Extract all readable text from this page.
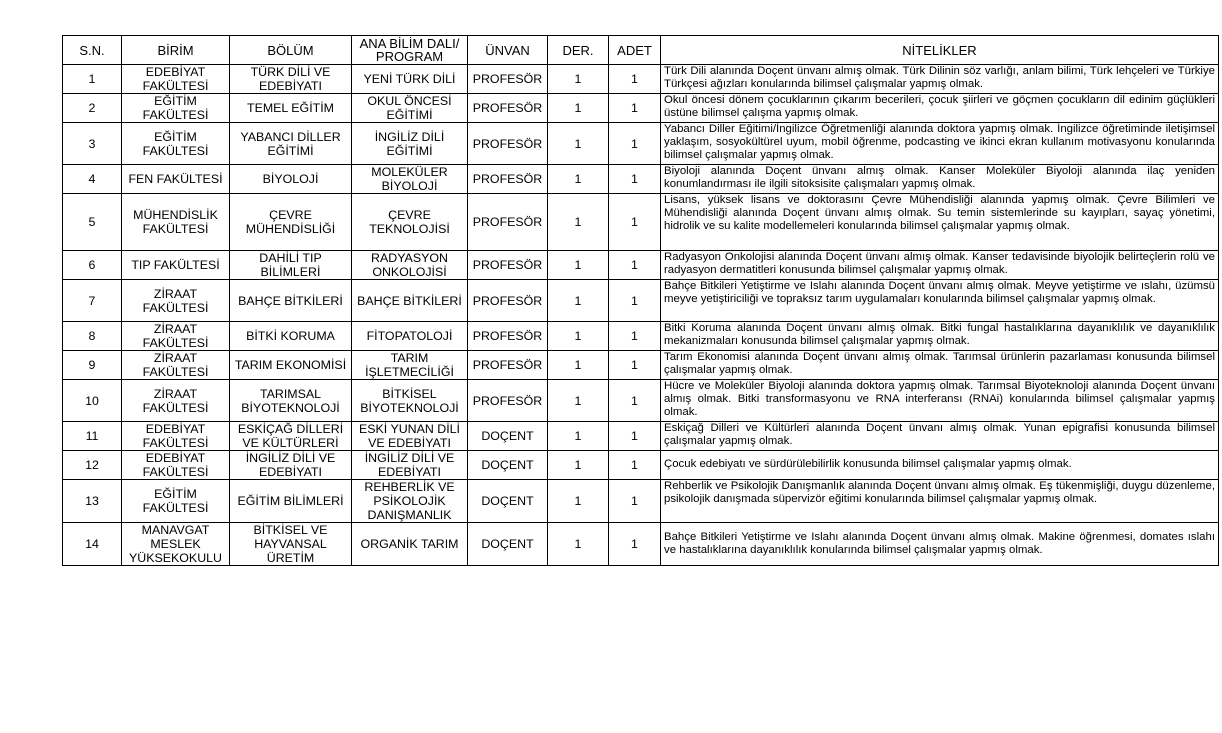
S.N.	BİRİM	BÖLÜM	ANA BİLİM DALI/ PROGRAM	ÜNVAN	DER.	ADET	NİTELİKLER
1	EDEBİYAT FAKÜLTESİ	TÜRK DİLİ VE EDEBİYATI	YENİ TÜRK DİLİ	PROFESÖR	1	1	Türk Dili alanında Doçent ünvanı almış olmak. Türk Dilinin söz varlığı, anlam bilimi, Türk lehçeleri ve Türkiye Türkçesi ağızları konularında bilimsel çalışmalar yapmış olmak.
2	EĞİTİM FAKÜLTESİ	TEMEL EĞİTİM	OKUL ÖNCESİ EĞİTİMİ	PROFESÖR	1	1	Okul öncesi dönem çocuklarının çıkarım becerileri, çocuk şiirleri ve göçmen çocukların dil edinim güçlükleri üstüne bilimsel çalışma yapmış olmak.
3	EĞİTİM FAKÜLTESİ	YABANCI DİLLER EĞİTİMİ	İNGİLİZ DİLİ EĞİTİMİ	PROFESÖR	1	1	Yabancı Diller Eğitimi/İngilizce Öğretmenliği alanında doktora yapmış olmak. İngilizce öğretiminde iletişimsel yaklaşım, sosyokültürel uyum, mobil öğrenme, podcasting ve ikinci ekran kullanım motivasyonu konularında bilimsel çalışmalar yapmış olmak.
4	FEN FAKÜLTESİ	BİYOLOJİ	MOLEKÜLER BİYOLOJİ	PROFESÖR	1	1	Biyoloji alanında Doçent ünvanı almış olmak. Kanser Moleküler Biyoloji alanında ilaç yeniden konumlandırması ile ilgili sitoksisite çalışmaları yapmış olmak.
5	MÜHENDİSLİK FAKÜLTESİ	ÇEVRE MÜHENDİSLİĞİ	ÇEVRE TEKNOLOJİSİ	PROFESÖR	1	1	Lisans, yüksek lisans ve doktorasını Çevre Mühendisliği alanında yapmış olmak. Çevre Bilimleri ve Mühendisliği alanında Doçent ünvanı almış olmak. Su temin sistemlerinde su kayıpları, sayaç yönetimi, hidrolik ve su kalite modellemeleri konularında bilimsel çalışmalar yapmış olmak.
6	TIP FAKÜLTESİ	DAHİLİ TIP BİLİMLERİ	RADYASYON ONKOLOJİSİ	PROFESÖR	1	1	Radyasyon Onkolojisi alanında Doçent ünvanı almış olmak. Kanser tedavisinde biyolojik belirteçlerin rolü ve radyasyon dermatitleri konusunda bilimsel çalışmalar yapmış olmak.
7	ZİRAAT FAKÜLTESİ	BAHÇE BİTKİLERİ	BAHÇE BİTKİLERİ	PROFESÖR	1	1	Bahçe Bitkileri Yetiştirme ve Islahı alanında Doçent ünvanı almış olmak. Meyve yetiştirme ve ıslahı, üzümsü meyve yetiştiriciliği ve topraksız tarım uygulamaları konularında bilimsel çalışmalar yapmış olmak.
8	ZİRAAT FAKÜLTESİ	BİTKİ KORUMA	FİTOPATOLOJİ	PROFESÖR	1	1	Bitki Koruma alanında Doçent ünvanı almış olmak. Bitki fungal hastalıklarına dayanıklılık ve dayanıklılık mekanizmaları konusunda bilimsel çalışmalar yapmış olmak.
9	ZİRAAT FAKÜLTESİ	TARIM EKONOMİSİ	TARIM İŞLETMECİLİĞİ	PROFESÖR	1	1	Tarım Ekonomisi alanında Doçent ünvanı almış olmak. Tarımsal ürünlerin pazarlaması konusunda bilimsel çalışmalar yapmış olmak.
10	ZİRAAT FAKÜLTESİ	TARIMSAL BİYOTEKNOLOJİ	BİTKİSEL BİYOTEKNOLOJİ	PROFESÖR	1	1	Hücre ve Moleküler Biyoloji alanında doktora yapmış olmak. Tarımsal Biyoteknoloji alanında Doçent ünvanı almış olmak. Bitki transformasyonu ve RNA interferansı (RNAi) konularında bilimsel çalışmalar yapmış olmak.
11	EDEBİYAT FAKÜLTESİ	ESKİÇAĞ DİLLERİ VE KÜLTÜRLERİ	ESKİ YUNAN DİLİ VE EDEBİYATI	DOÇENT	1	1	Eskiçağ Dilleri ve Kültürleri alanında Doçent ünvanı almış olmak. Yunan epigrafisi konusunda bilimsel çalışmalar yapmış olmak.
12	EDEBİYAT FAKÜLTESİ	İNGİLİZ DİLİ VE EDEBİYATI	İNGİLİZ DİLİ VE EDEBİYATI	DOÇENT	1	1	Çocuk edebiyatı ve sürdürülebilirlik konusunda bilimsel çalışmalar yapmış olmak.
13	EĞİTİM FAKÜLTESİ	EĞİTİM BİLİMLERİ	REHBERLİK VE PSİKOLOJİK DANIŞMANLIK	DOÇENT	1	1	Rehberlik ve Psikolojik Danışmanlık alanında Doçent ünvanı almış olmak. Eş tükenmişliği, duygu düzenleme, psikolojik danışmada süpervizör eğitimi konularında bilimsel çalışmalar yapmış olmak.
14	MANAVGAT MESLEK YÜKSEKOKULU	BİTKİSEL VE HAYVANSAL ÜRETİM	ORGANİK TARIM	DOÇENT	1	1	Bahçe Bitkileri Yetiştirme ve Islahı alanında Doçent ünvanı almış olmak. Makine öğrenmesi, domates ıslahı ve hastalıklarına dayanıklılık konularında bilimsel çalışmalar yapmış olmak.
